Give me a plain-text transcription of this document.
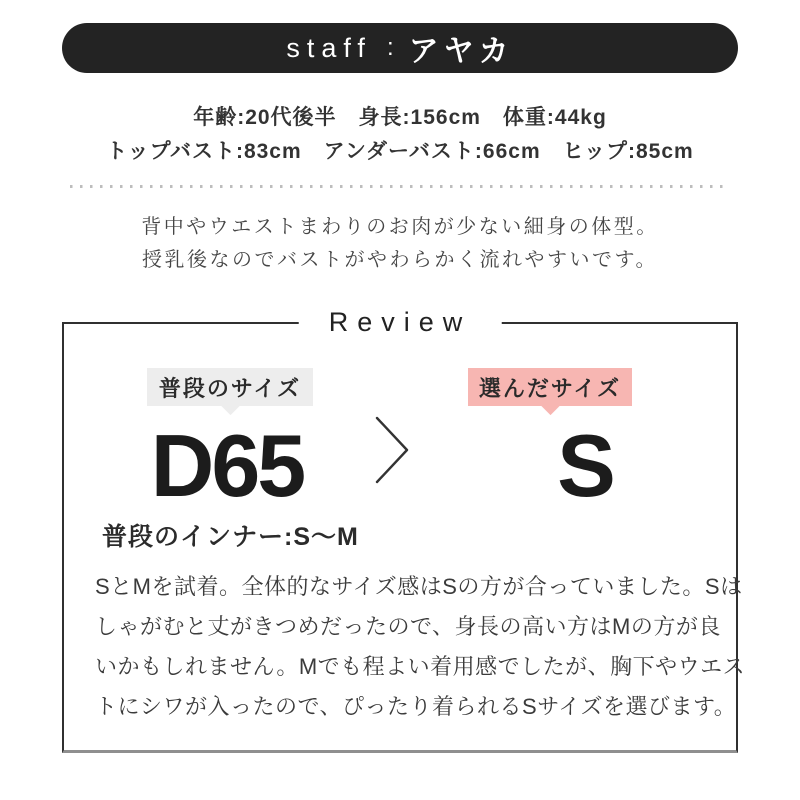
staff : アヤカ
年齢:20代後半　身長:156cm　体重:44kg
トップバスト:83cm　アンダーバスト:66cm　ヒップ:85cm
背中やウエストまわりのお肉が少ない細身の体型。
授乳後なのでバストがやわらかく流れやすいです。
Review
普段のサイズ	選んだサイズ
D65	S
普段のインナー:S〜M
SとMを試着。全体的なサイズ感はSの方が合っていました。Sは
しゃがむと丈がきつめだったので、身長の高い方はMの方が良
いかもしれません。Mでも程よい着用感でしたが、胸下やウエス
トにシワが入ったので、ぴったり着られるSサイズを選びます。
